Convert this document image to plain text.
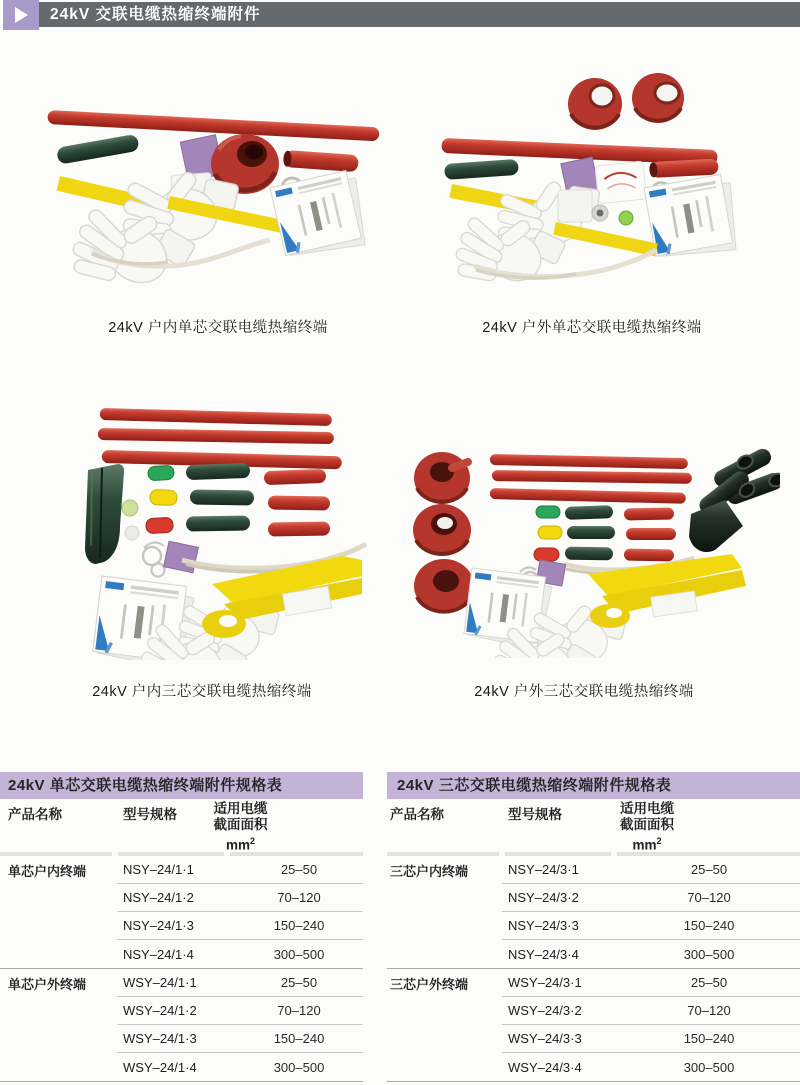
24kV 交联电缆热缩终端附件
24kV 户内单芯交联电缆热缩终端	24kV 户外单芯交联电缆热缩终端
24kV 户内三芯交联电缆热缩终端	24kV 户外三芯交联电缆热缩终端
24kV 单芯交联电缆热缩终端附件规格表
产品名称	型号规格	适用电缆
截面面积
$mm^2$
单芯户内终端	NSY–24/1·1	25–50
NSY–24/1·2	70–120
NSY–24/1·3	150–240
NSY–24/1·4	300–500
单芯户外终端	WSY–24/1·1	25–50
WSY–24/1·2	70–120
WSY–24/1·3	150–240
WSY–24/1·4	300–500
24kV 三芯交联电缆热缩终端附件规格表
产品名称	型号规格	适用电缆
截面面积
$mm^2$
三芯户内终端	NSY–24/3·1	25–50
NSY–24/3·2	70–120
NSY–24/3·3	150–240
NSY–24/3·4	300–500
三芯户外终端	WSY–24/3·1	25–50
WSY–24/3·2	70–120
WSY–24/3·3	150–240
WSY–24/3·4	300–500
